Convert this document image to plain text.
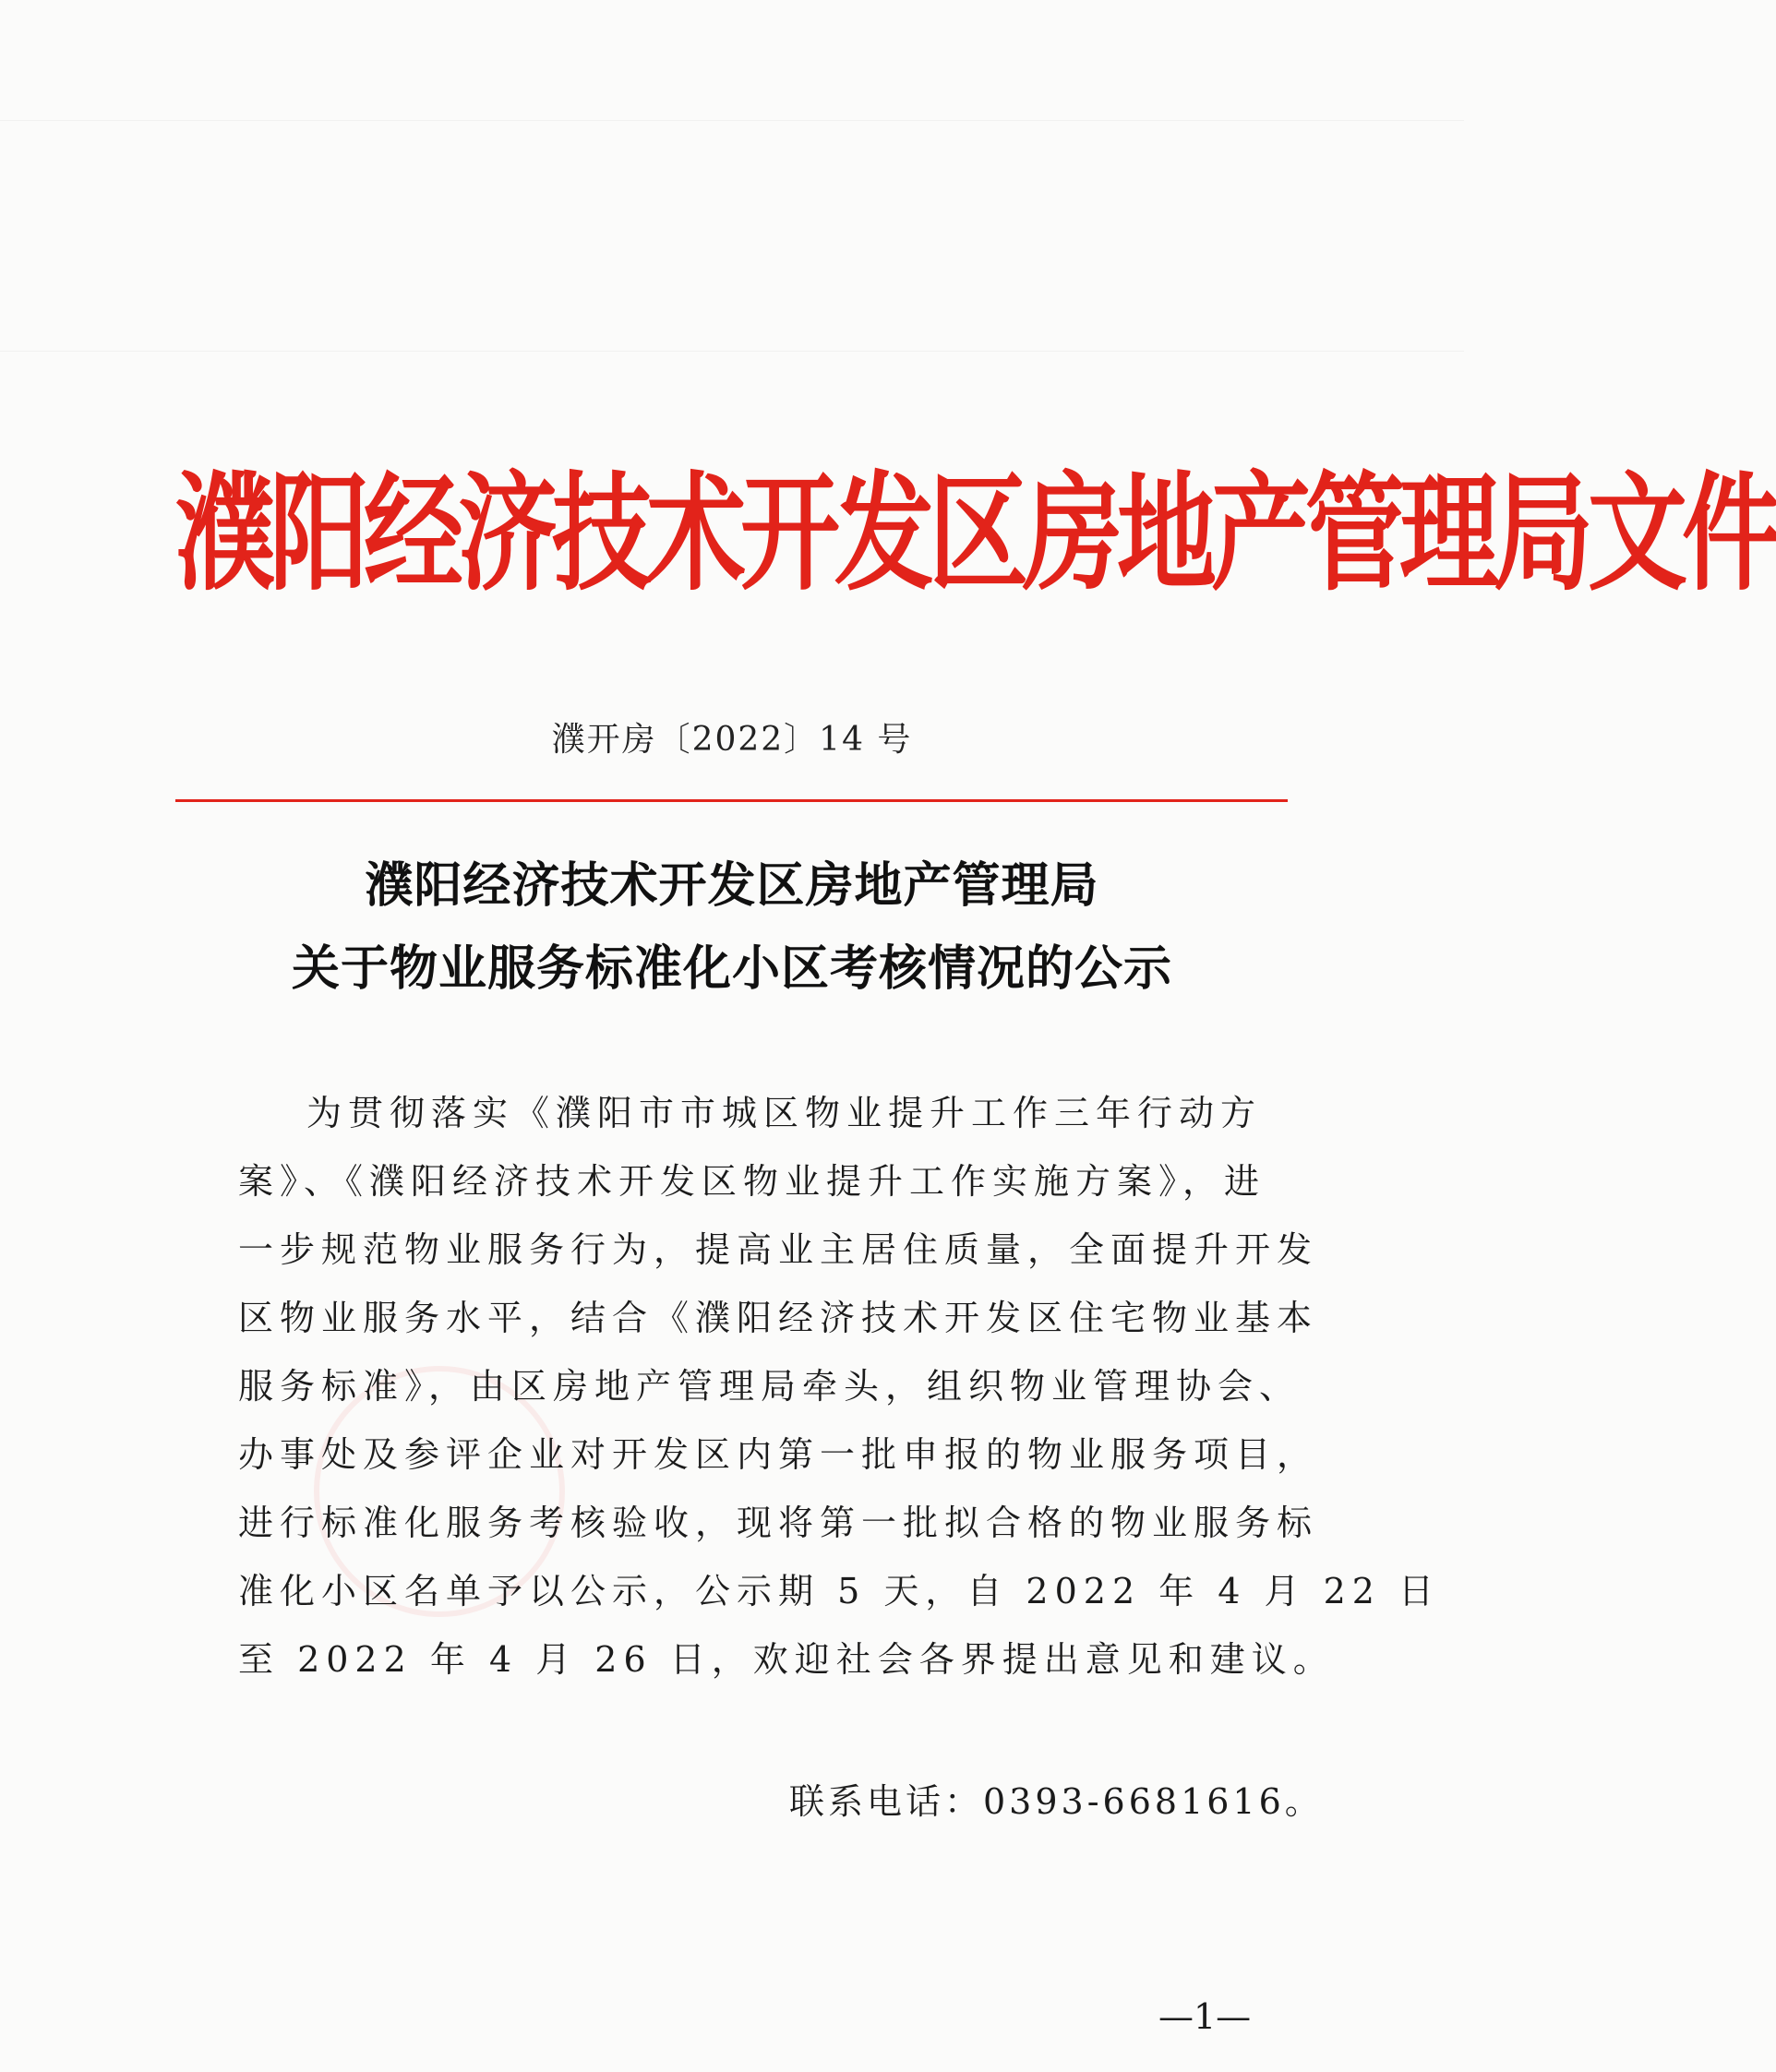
濮阳经济技术开发区房地产管理局文件
濮开房〔2022〕14 号
濮阳经济技术开发区房地产管理局
关于物业服务标准化小区考核情况的公示
为贯彻落实《濮阳市市城区物业提升工作三年行动方
案》、《濮阳经济技术开发区物业提升工作实施方案》，进
一步规范物业服务行为，提高业主居住质量，全面提升开发
区物业服务水平，结合《濮阳经济技术开发区住宅物业基本
服务标准》，由区房地产管理局牵头，组织物业管理协会、
办事处及参评企业对开发区内第一批申报的物业服务项目，
进行标准化服务考核验收，现将第一批拟合格的物业服务标
准化小区名单予以公示，公示期 5 天，自 2022 年 4 月 22 日
至 2022 年 4 月 26 日，欢迎社会各界提出意见和建议。
联系电话：0393-6681616。
—1—
